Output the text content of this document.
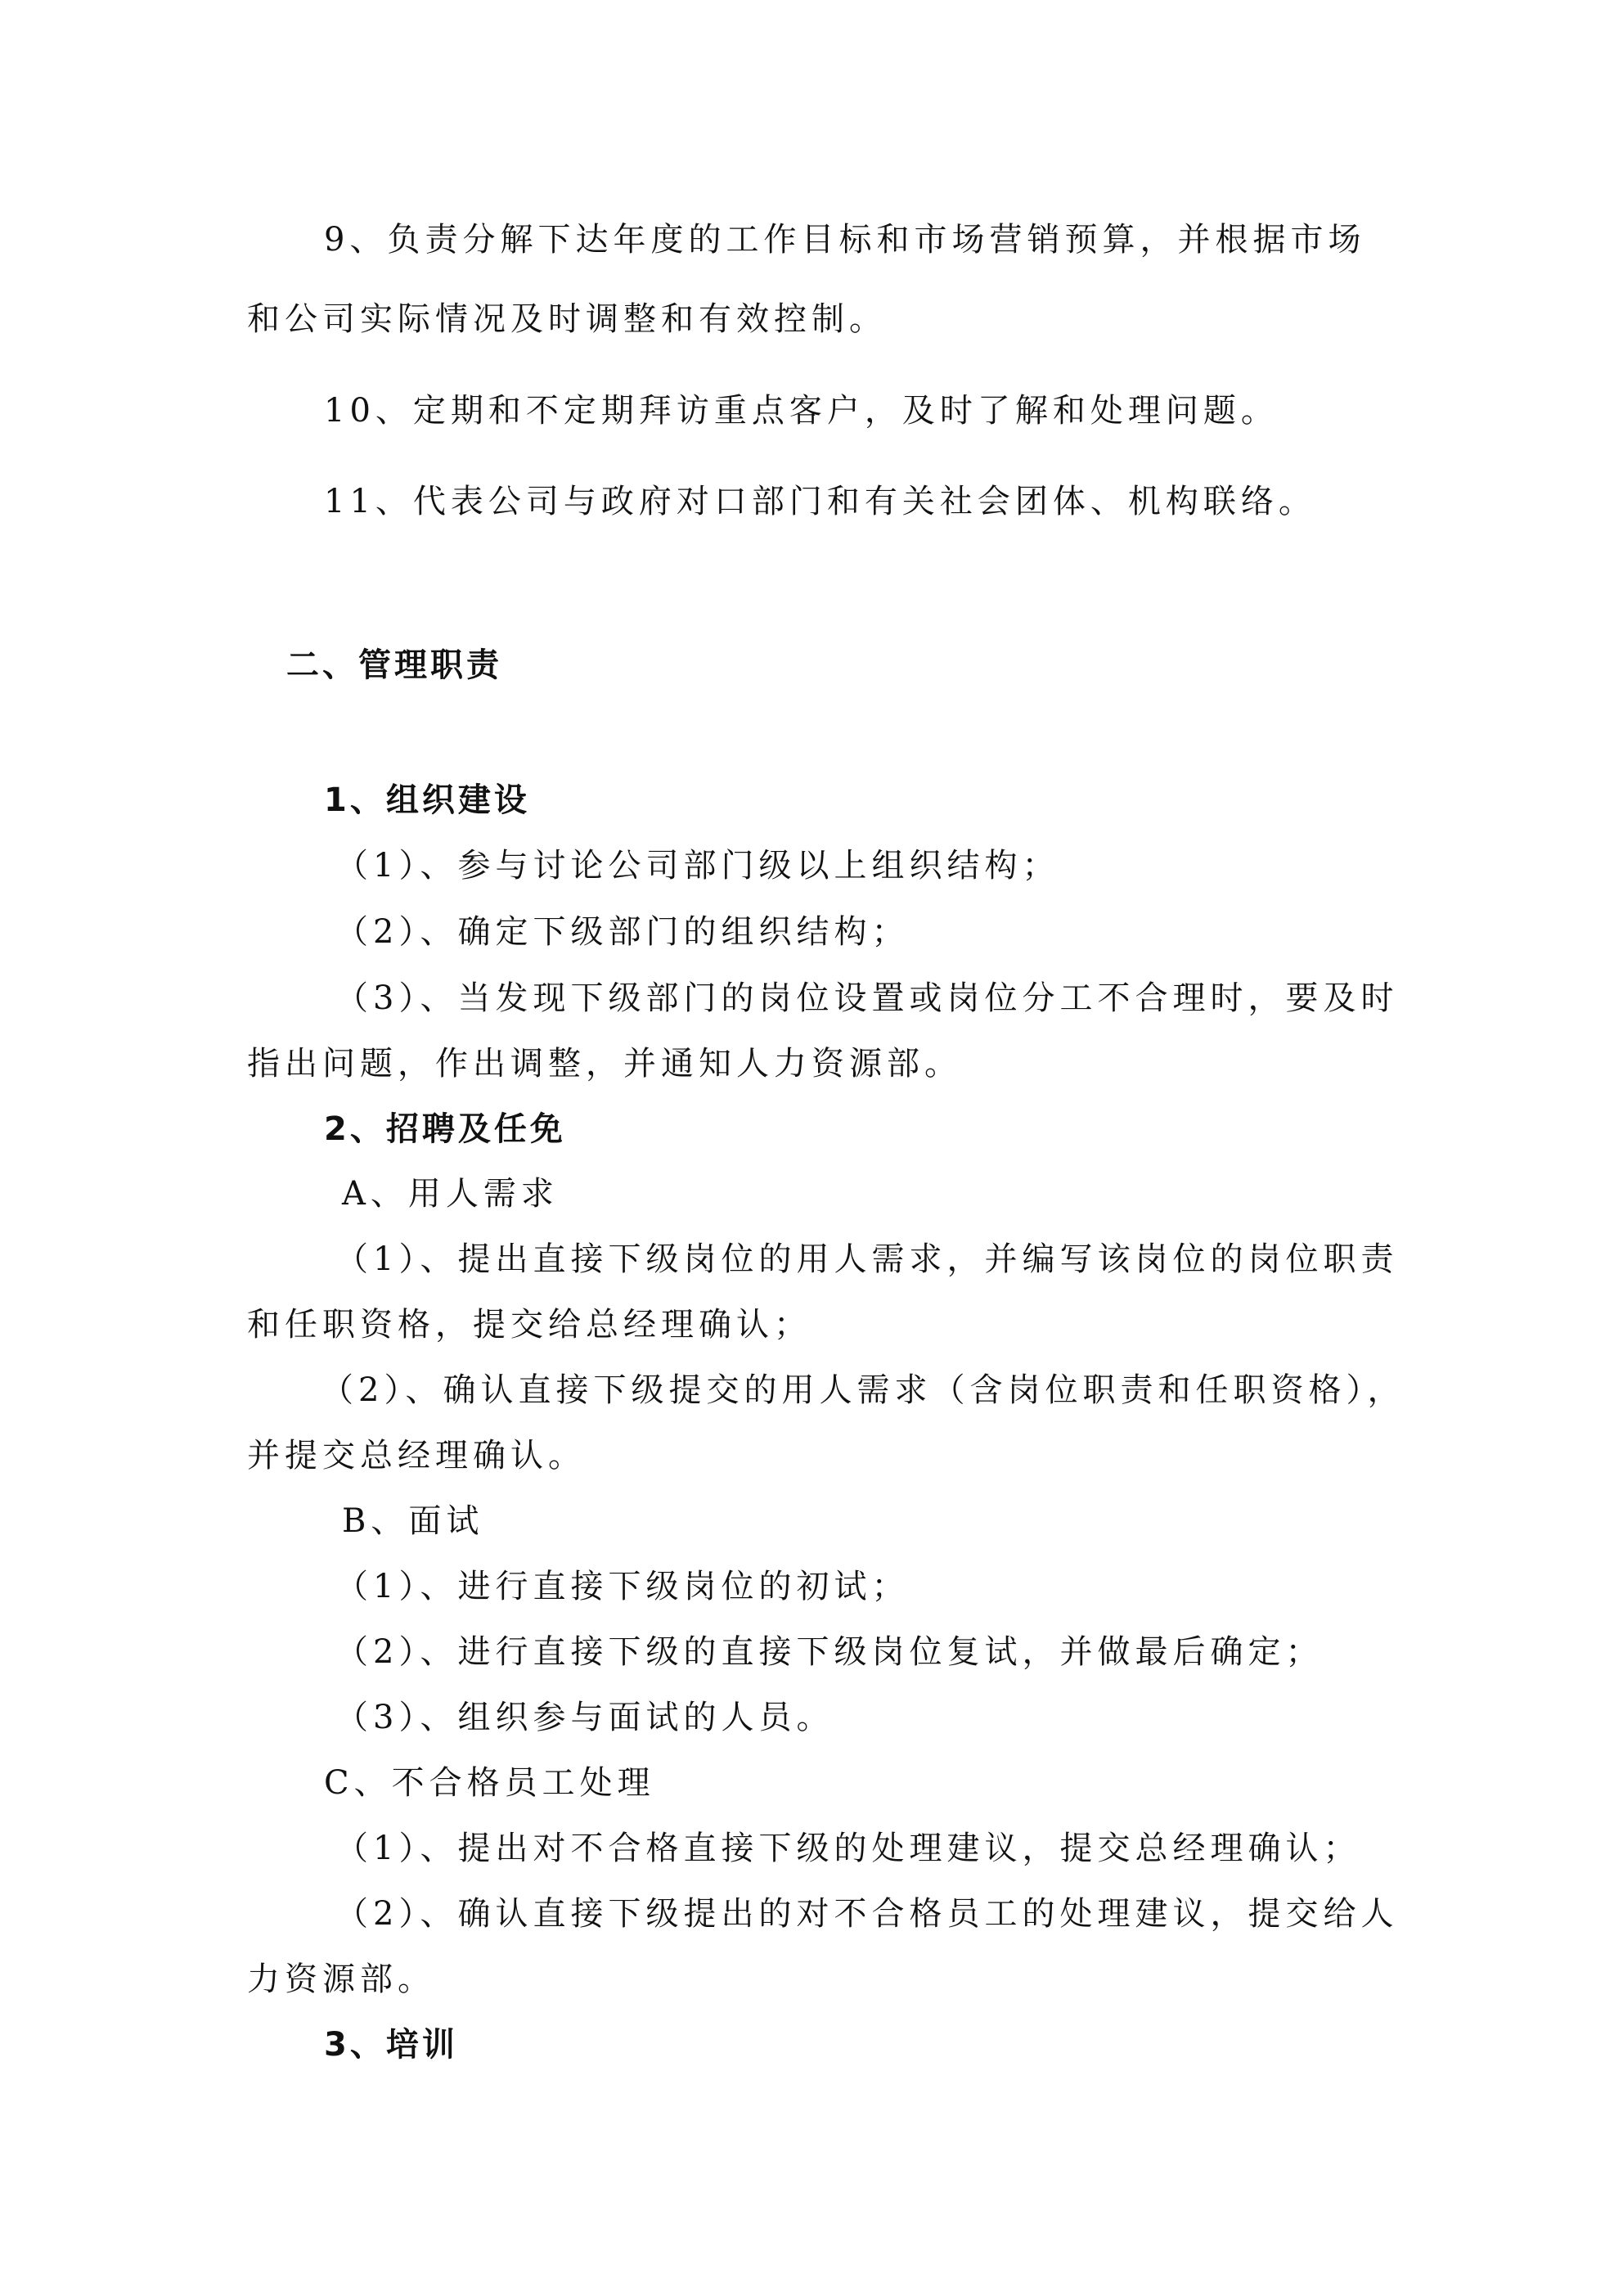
9、负责分解下达年度的工作目标和市场营销预算，并根据市场
和公司实际情况及时调整和有效控制。
10、定期和不定期拜访重点客户，及时了解和处理问题。
11、代表公司与政府对口部门和有关社会团体、机构联络。
二、管理职责
1、组织建设
（1）、参与讨论公司部门级以上组织结构；
（2）、确定下级部门的组织结构；
（3）、当发现下级部门的岗位设置或岗位分工不合理时，要及时
指出问题，作出调整，并通知人力资源部。
2、招聘及任免
A、用人需求
（1）、提出直接下级岗位的用人需求，并编写该岗位的岗位职责
和任职资格，提交给总经理确认；
（2）、确认直接下级提交的用人需求（含岗位职责和任职资格），
并提交总经理确认。
B、面试
（1）、进行直接下级岗位的初试；
（2）、进行直接下级的直接下级岗位复试，并做最后确定；
（3）、组织参与面试的人员。
C、不合格员工处理
（1）、提出对不合格直接下级的处理建议，提交总经理确认；
（2）、确认直接下级提出的对不合格员工的处理建议，提交给人
力资源部。
3、培训
